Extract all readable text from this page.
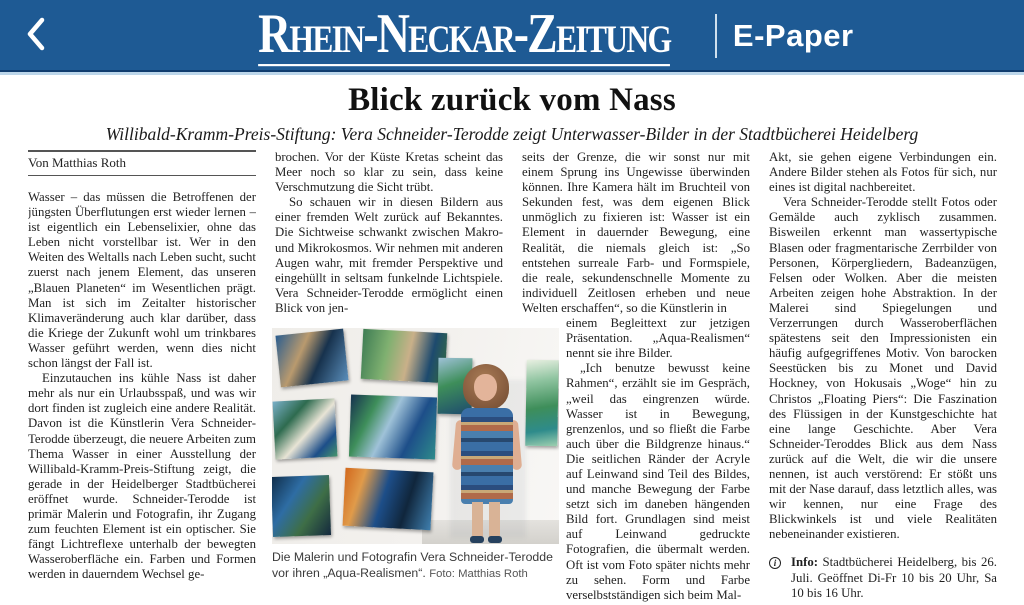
Rhein-Neckar-Zeitung E-Paper
Blick zurück vom Nass
Willibald-Kramm-Preis-Stiftung: Vera Schneider-Terodde zeigt Unterwasser-Bilder in der Stadtbücherei Heidelberg
Von Matthias Roth

Wasser – das müssen die Betroffenen der jüngsten Überflutungen erst wieder lernen – ist eigentlich ein Lebenselixier, ohne das Leben nicht vorstellbar ist. Wer in den Weiten des Weltalls nach Leben sucht, sucht zuerst nach jenem Element, das unseren „Blauen Planeten“ im Wesentlichen prägt. Man ist sich im Zeitalter historischer Klimaveränderung auch klar darüber, dass die Kriege der Zukunft wohl um trinkbares Wasser geführt werden, wenn dies nicht schon längst der Fall ist.

Einzutauchen ins kühle Nass ist daher mehr als nur ein Urlaubsspaß, und was wir dort finden ist zugleich eine andere Realität. Davon ist die Künstlerin Vera Schneider-Terodde überzeugt, die neuere Arbeiten zum Thema Wasser in einer Ausstellung der Willibald-Kramm-Preis-Stiftung zeigt, die gerade in der Heidelberger Stadtbücherei eröffnet wurde. Schneider-Terodde ist primär Malerin und Fotografin, ihr Zugang zum feuchten Element ist ein optischer. Sie fängt Lichtreflexe unterhalb der bewegten Wasseroberfläche ein. Farben und Formen werden in dauerndem Wechsel ge-

brochen. Vor der Küste Kretas scheint das Meer noch so klar zu sein, dass keine Verschmutzung die Sicht trübt.

So schauen wir in diesen Bildern aus einer fremden Welt zurück auf Bekanntes. Die Sichtweise schwankt zwischen Makro- und Mikrokosmos. Wir nehmen mit anderen Augen wahr, mit fremder Perspektive und eingehüllt in seltsam funkelnde Lichtspiele. Vera Schneider-Terodde ermöglicht einen Blick von jen-

seits der Grenze, die wir sonst nur mit einem Sprung ins Ungewisse überwinden können. Ihre Kamera hält im Bruchteil von Sekunden fest, was dem eigenen Blick unmöglich zu fixieren ist: Wasser ist ein Element in dauernder Bewegung, eine Realität, die niemals gleich ist: „So entstehen surreale Farb- und Formspiele, die reale, sekundenschnelle Momente zu individuell Zeitlosen erheben und neue Welten erschaffen“, so die Künstlerin in

einem Begleittext zur jetzigen Präsentation. „Aqua-Realismen“ nennt sie ihre Bilder.

„Ich benutze bewusst keine Rahmen“, erzählt sie im Gespräch, „weil das eingrenzen würde. Wasser ist in Bewegung, grenzenlos, und so fließt die Farbe auch über die Bildgrenze hinaus.“ Die seitlichen Ränder der Acryle auf Leinwand sind Teil des Bildes, und manche Bewegung der Farbe setzt sich im daneben hängenden Bild fort. Grundlagen sind meist auf Leinwand gedruckte Fotografien, die übermalt werden. Oft ist vom Foto später nichts mehr zu sehen. Form und Farbe verselbstständigen sich beim Mal-

Akt, sie gehen eigene Verbindungen ein. Andere Bilder stehen als Fotos für sich, nur eines ist digital nachbereitet.

Vera Schneider-Terodde stellt Fotos oder Gemälde auch zyklisch zusammen. Bisweilen erkennt man wassertypische Blasen oder fragmentarische Zerrbilder von Personen, Körpergliedern, Badeanzügen, Felsen oder Wolken. Aber die meisten Arbeiten zeigen hohe Abstraktion. In der Malerei sind Spiegelungen und Verzerrungen durch Wasseroberflächen spätestens seit den Impressionisten ein häufig aufgegriffenes Motiv. Von barocken Seestücken bis zu Monet und David Hockney, von Hokusais „Woge“ hin zu Christos „Floating Piers“: Die Faszination des Flüssigen in der Kunstgeschichte hat eine lange Geschichte. Aber Vera Schneider-Teroddes Blick aus dem Nass zurück auf die Welt, die wir die unsere nennen, ist auch verstörend: Er stößt uns mit der Nase darauf, dass letztlich alles, was wir kennen, nur eine Frage des Blickwinkels ist und viele Realitäten nebeneinander existieren.

i	Info: Stadtbücherei Heidelberg, bis 26. Juli. Geöffnet Di-Fr 10 bis 20 Uhr, Sa 10 bis 16 Uhr.
Die Malerin und Fotografin Vera Schneider-Terodde vor ihren „Aqua-Realismen“. Foto: Matthias Roth
